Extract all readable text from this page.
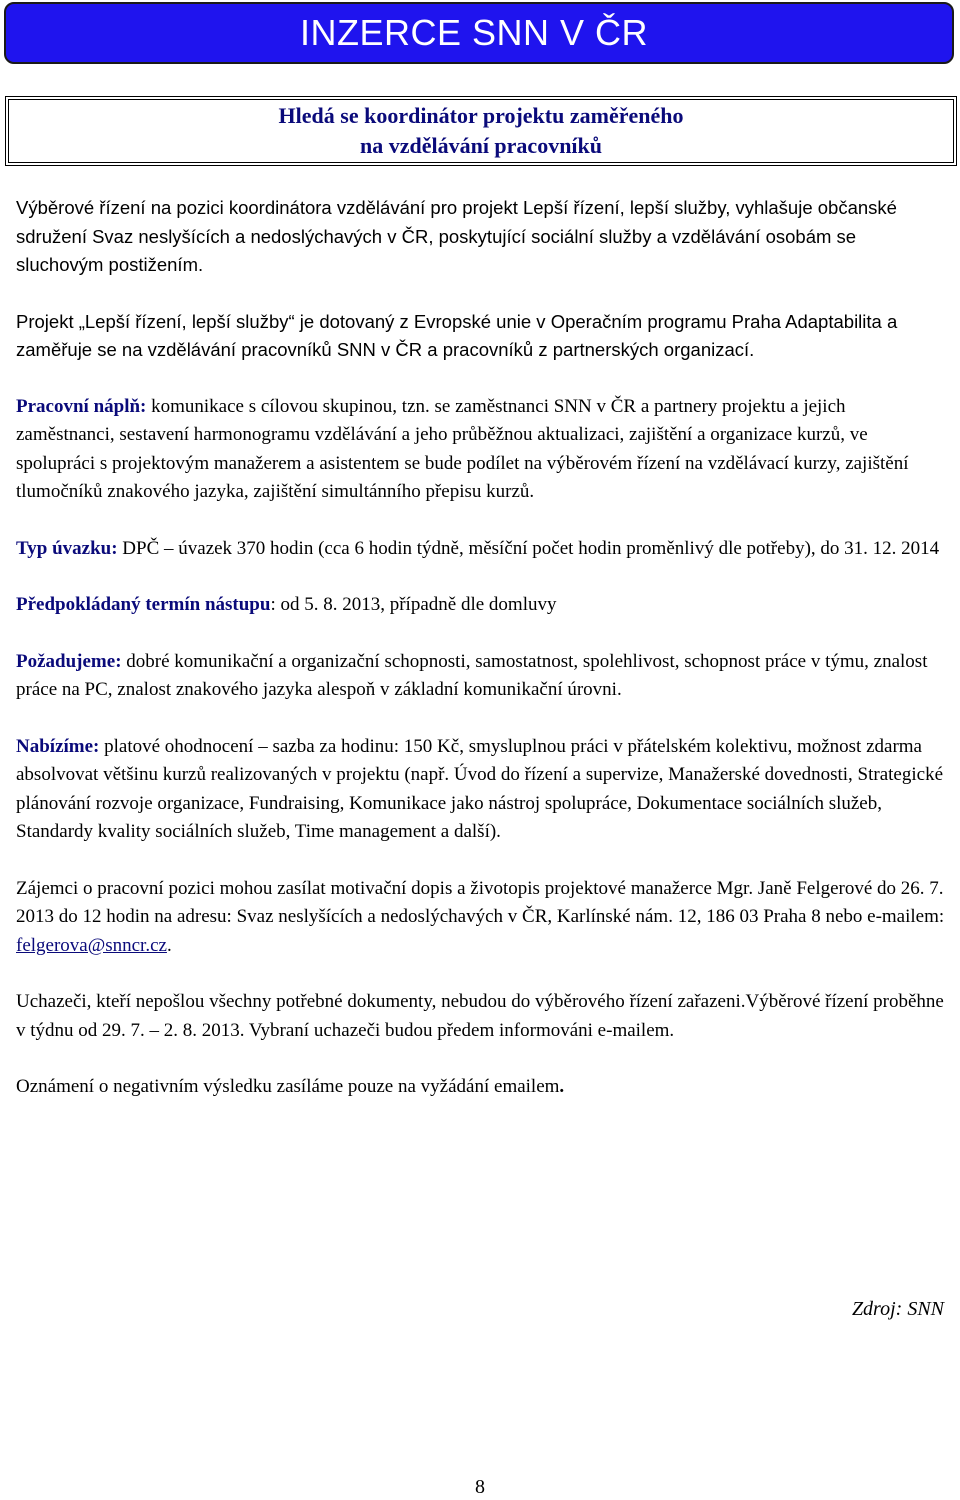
INZERCE SNN V ČR
Hledá se koordinátor projektu zaměřeného
na vzdělávání pracovníků

Výběrové řízení na pozici koordinátora vzdělávání pro projekt Lepší řízení, lepší služby, vyhlašuje občanské sdružení Svaz neslyšících a nedoslýchavých v ČR, poskytující sociální služby a vzdělávání osobám se sluchovým postižením.

Projekt „Lepší řízení, lepší služby“ je dotovaný z Evropské unie v Operačním programu Praha Adaptabilita a zaměřuje se na vzdělávání pracovníků SNN v ČR a pracovníků z partnerských organizací.

Pracovní náplň: komunikace s cílovou skupinou, tzn. se zaměstnanci SNN v ČR a partnery projektu a jejich zaměstnanci, sestavení harmonogramu vzdělávání a jeho průběžnou aktualizaci, zajištění a organizace kurzů, ve spolupráci s projektovým manažerem a asistentem se bude podílet na výběrovém řízení na vzdělávací kurzy, zajištění tlumočníků znakového jazyka, zajištění simultánního přepisu kurzů.

Typ úvazku: DPČ – úvazek 370 hodin (cca 6 hodin týdně, měsíční počet hodin proměnlivý dle potřeby), do 31. 12. 2014

Předpokládaný termín nástupu: od 5. 8. 2013, případně dle domluvy

Požadujeme: dobré komunikační a organizační schopnosti, samostatnost, spolehlivost, schopnost práce v týmu, znalost práce na PC, znalost znakového jazyka alespoň v základní komunikační úrovni.

Nabízíme: platové ohodnocení – sazba za hodinu: 150 Kč, smysluplnou práci v přátelském kolektivu, možnost zdarma absolvovat většinu kurzů realizovaných v projektu (např. Úvod do řízení a supervize, Manažerské dovednosti, Strategické plánování rozvoje organizace, Fundraising, Komunikace jako nástroj spolupráce, Dokumentace sociálních služeb, Standardy kvality sociálních služeb, Time management a další).

Zájemci o pracovní pozici mohou zasílat motivační dopis a životopis projektové manažerce Mgr. Janě Felgerové do 26. 7. 2013 do 12 hodin na adresu: Svaz neslyšících a nedoslýchavých v ČR, Karlínské nám. 12, 186 03 Praha 8 nebo e-mailem: felgerova@snncr.cz.

Uchazeči, kteří nepošlou všechny potřebné dokumenty, nebudou do výběrového řízení zařazeni.Výběrové řízení proběhne v týdnu od 29. 7. – 2. 8. 2013. Vybraní uchazeči budou předem informováni e-mailem.

Oznámení o negativním výsledku zasíláme pouze na vyžádání emailem.

Zdroj: SNN
8
